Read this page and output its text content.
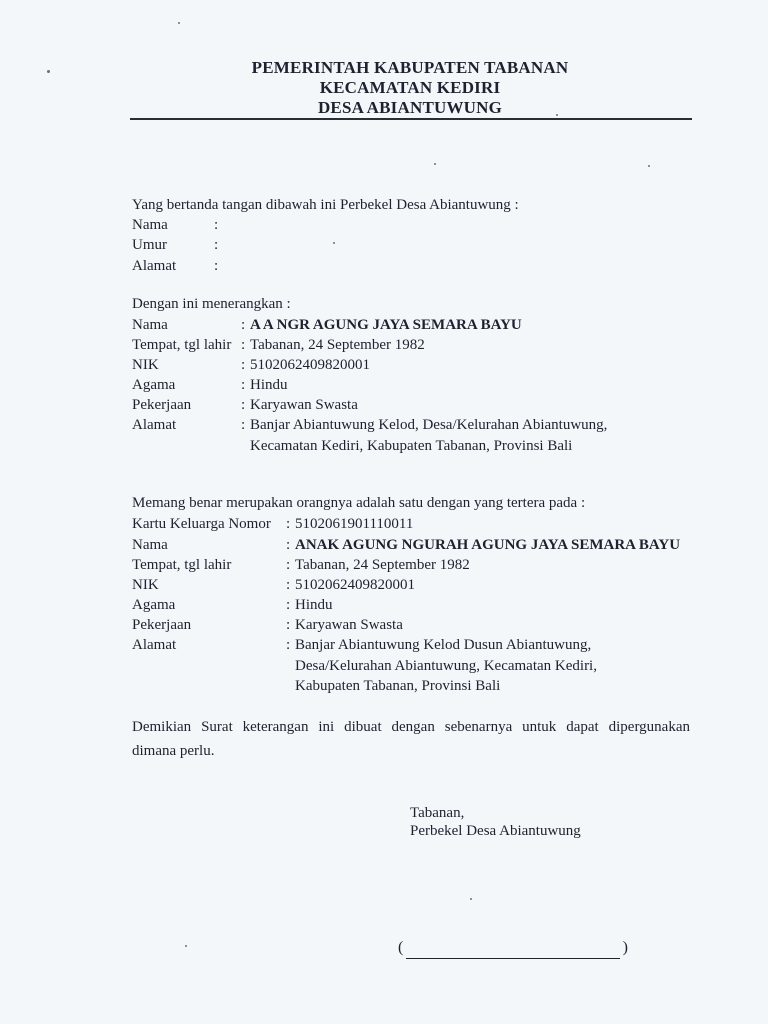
PEMERINTAH KABUPATEN TABANAN
KECAMATAN KEDIRI
DESA ABIANTUWUNG
Yang bertanda tangan dibawah ini Perbekel Desa Abiantuwung :
Nama	:
Umur	:
Alamat	:
Dengan ini menerangkan :
Nama	: A A NGR AGUNG JAYA SEMARA BAYU
Tempat, tgl lahir : Tabanan, 24 September 1982
NIK	: 5102062409820001
Agama	: Hindu
Pekerjaan	: Karyawan Swasta
Alamat	: Banjar Abiantuwung Kelod, Desa/Kelurahan Abiantuwung,
Kecamatan Kediri, Kabupaten Tabanan, Provinsi Bali
Memang benar merupakan orangnya adalah satu dengan yang tertera pada :
Kartu Keluarga Nomor : 5102061901110011
Nama	: ANAK AGUNG NGURAH AGUNG JAYA SEMARA BAYU
Tempat, tgl lahir	: Tabanan, 24 September 1982
NIK	: 5102062409820001
Agama	: Hindu
Pekerjaan	: Karyawan Swasta
Alamat	: Banjar Abiantuwung Kelod Dusun Abiantuwung,
Desa/Kelurahan Abiantuwung, Kecamatan Kediri,
Kabupaten Tabanan, Provinsi Bali
Demikian Surat keterangan ini dibuat dengan sebenarnya untuk dapat dipergunakan
dimana perlu.
Tabanan,
Perbekel Desa Abiantuwung
(	)
